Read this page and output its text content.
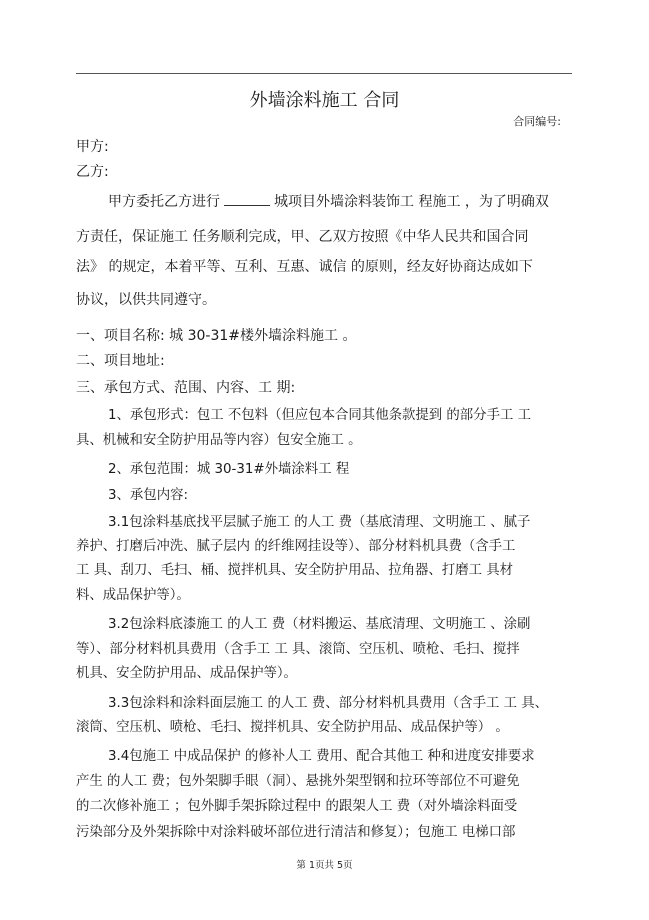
外墙涂料施工 合同
合同编号:
甲方:
乙方:
甲方委托乙方进行	城项目外墙涂料装饰工 程施工 ，为了明确双
方责任，保证施工 任务顺利完成，甲、乙双方按照《中华人民共和国合同
法》 的规定，本着平等、互利、互惠、诚信 的原则，经友好协商达成如下
协议，以供共同遵守。
一、项目名称: 城 30-31#楼外墙涂料施工 。
二、项目地址:
三、承包方式、范围、内容、工 期:
1、承包形式：包工 不包料（但应包本合同其他条款提到 的部分手工 工
具、机械和安全防护用品等内容）包安全施工 。
2、承包范围：城 30-31#外墙涂料工 程
3、承包内容:
3.1包涂料基底找平层腻子施工 的人工 费（基底清理、文明施工 、腻子
养护、打磨后冲洗、腻子层内 的纤维网挂设等）、部分材料机具费（含手工
工 具、刮刀、毛扫、桶、搅拌机具、安全防护用品、拉角器、打磨工 具材
料、成品保护等）。
3.2包涂料底漆施工 的人工 费（材料搬运、基底清理、文明施工 、涂刷
等）、部分材料机具费用（含手工 工 具、滚筒、空压机、喷枪、毛扫、搅拌
机具、安全防护用品、成品保护等）。
3.3包涂料和涂料面层施工 的人工 费、部分材料机具费用（含手工 工 具、
滚筒、空压机、喷枪、毛扫、搅拌机具、安全防护用品、成品保护等） 。
3.4包施工 中成品保护 的修补人工 费用、配合其他工 种和进度安排要求
产生 的人工 费；包外架脚手眼（洞）、悬挑外架型钢和拉环等部位不可避免
的二次修补施工 ；包外脚手架拆除过程中 的跟架人工 费（对外墙涂料面受
污染部分及外架拆除中对涂料破坏部位进行清洁和修复）；包施工 电梯口部
第 1页共 5页
